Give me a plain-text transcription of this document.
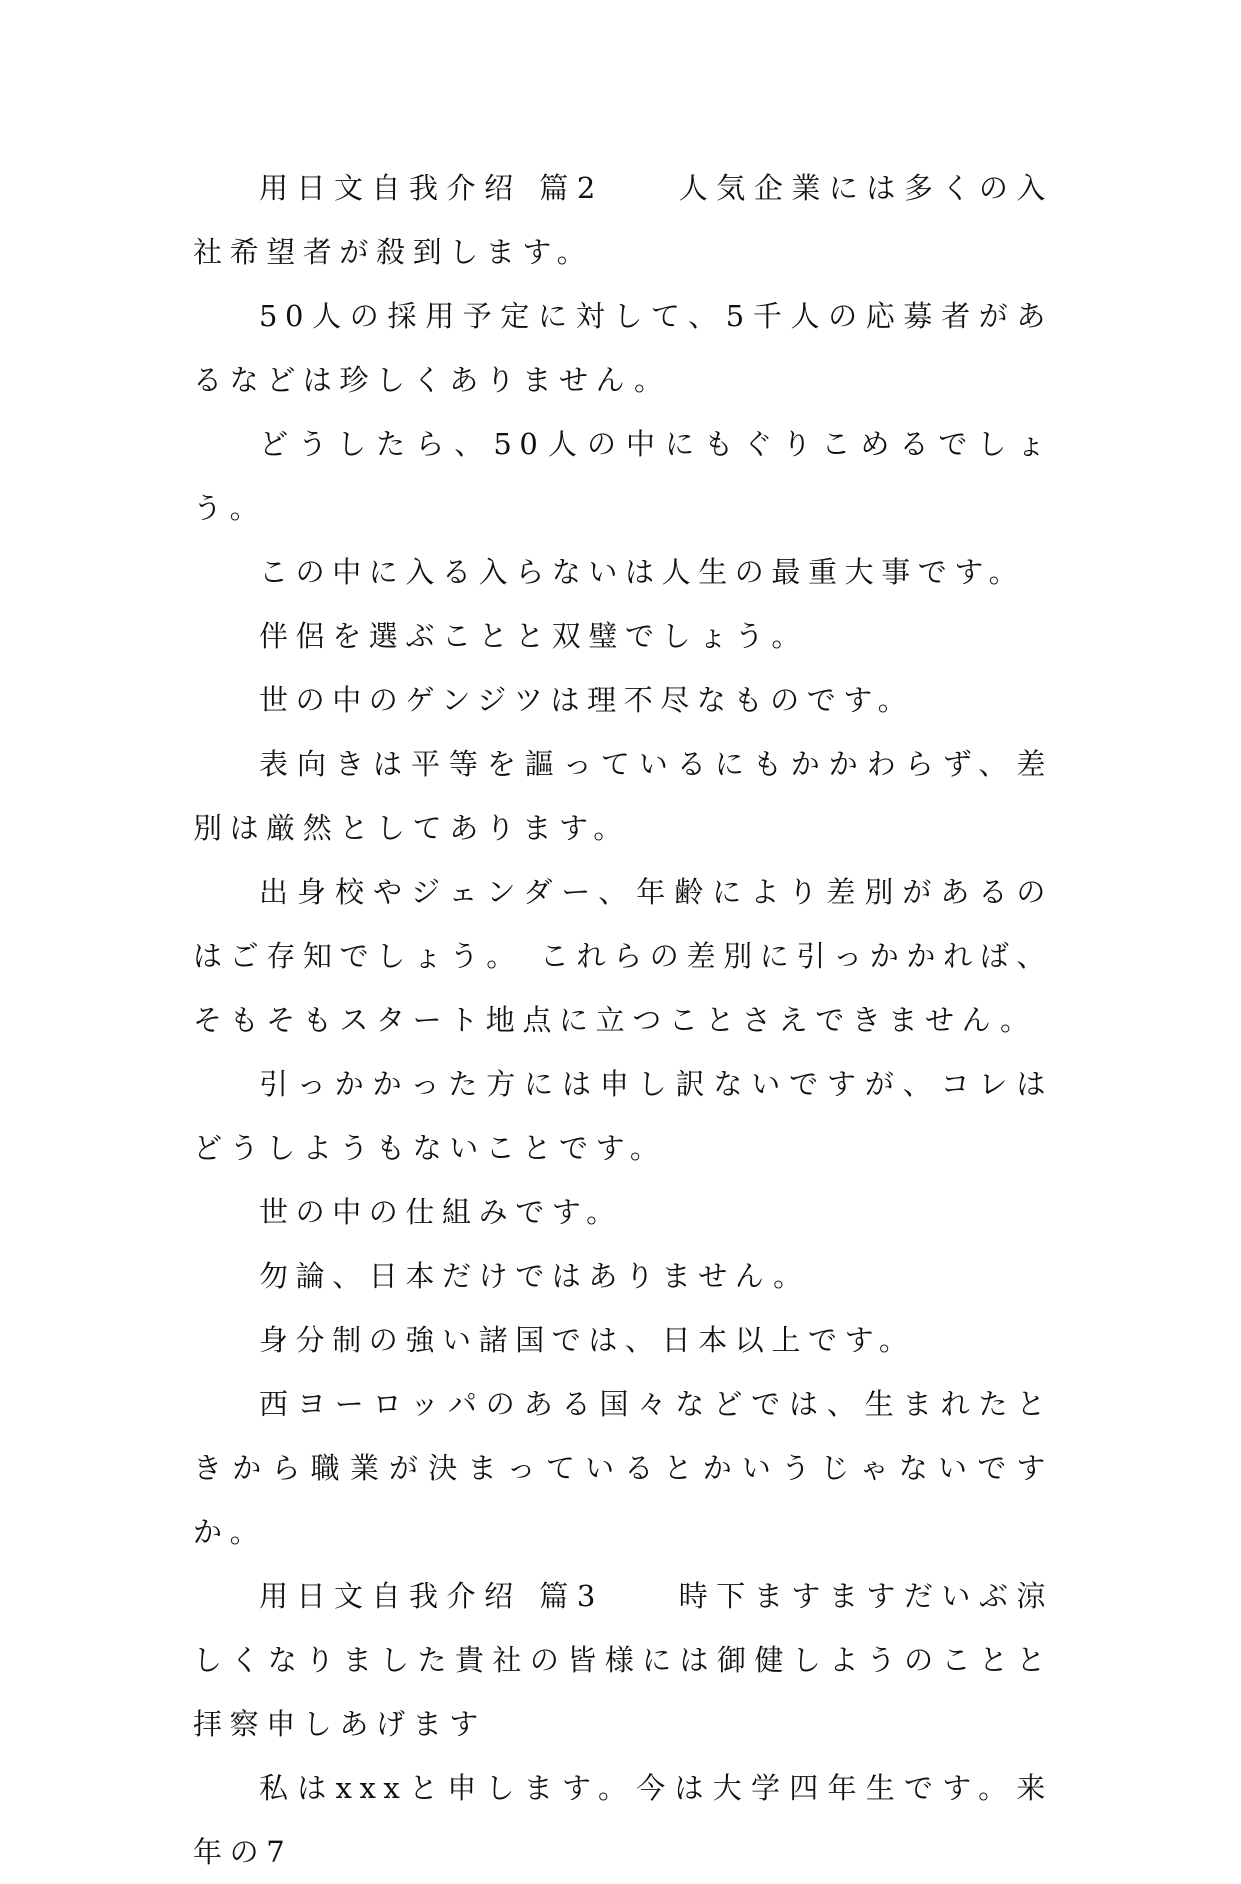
用日文自我介绍 篇2　　人気企業には多くの入社希望者が殺到します。

50人の採用予定に対して、5千人の応募者があるなどは珍しくありません。

どうしたら、50人の中にもぐりこめるでしょう。

この中に入る入らないは人生の最重大事です。

伴侶を選ぶことと双璧でしょう。

世の中のゲンジツは理不尽なものです。

表向きは平等を謳っているにもかかわらず、差別は厳然としてあります。

出身校やジェンダー、年齢により差別があるのはご存知でしょう。 これらの差別に引っかかれば、そもそもスタート地点に立つことさえできません。

引っかかった方には申し訳ないですが、コレはどうしようもないことです。

世の中の仕組みです。

勿論、日本だけではありません。

身分制の強い諸国では、日本以上です。

西ヨーロッパのある国々などでは、生まれたときから職業が決まっているとかいうじゃないですか。

用日文自我介绍 篇3　　時下ますますだいぶ涼しくなりました貴社の皆様には御健しようのことと拝察申しあげます

私はxxxと申します。今は大学四年生です。来年の7
